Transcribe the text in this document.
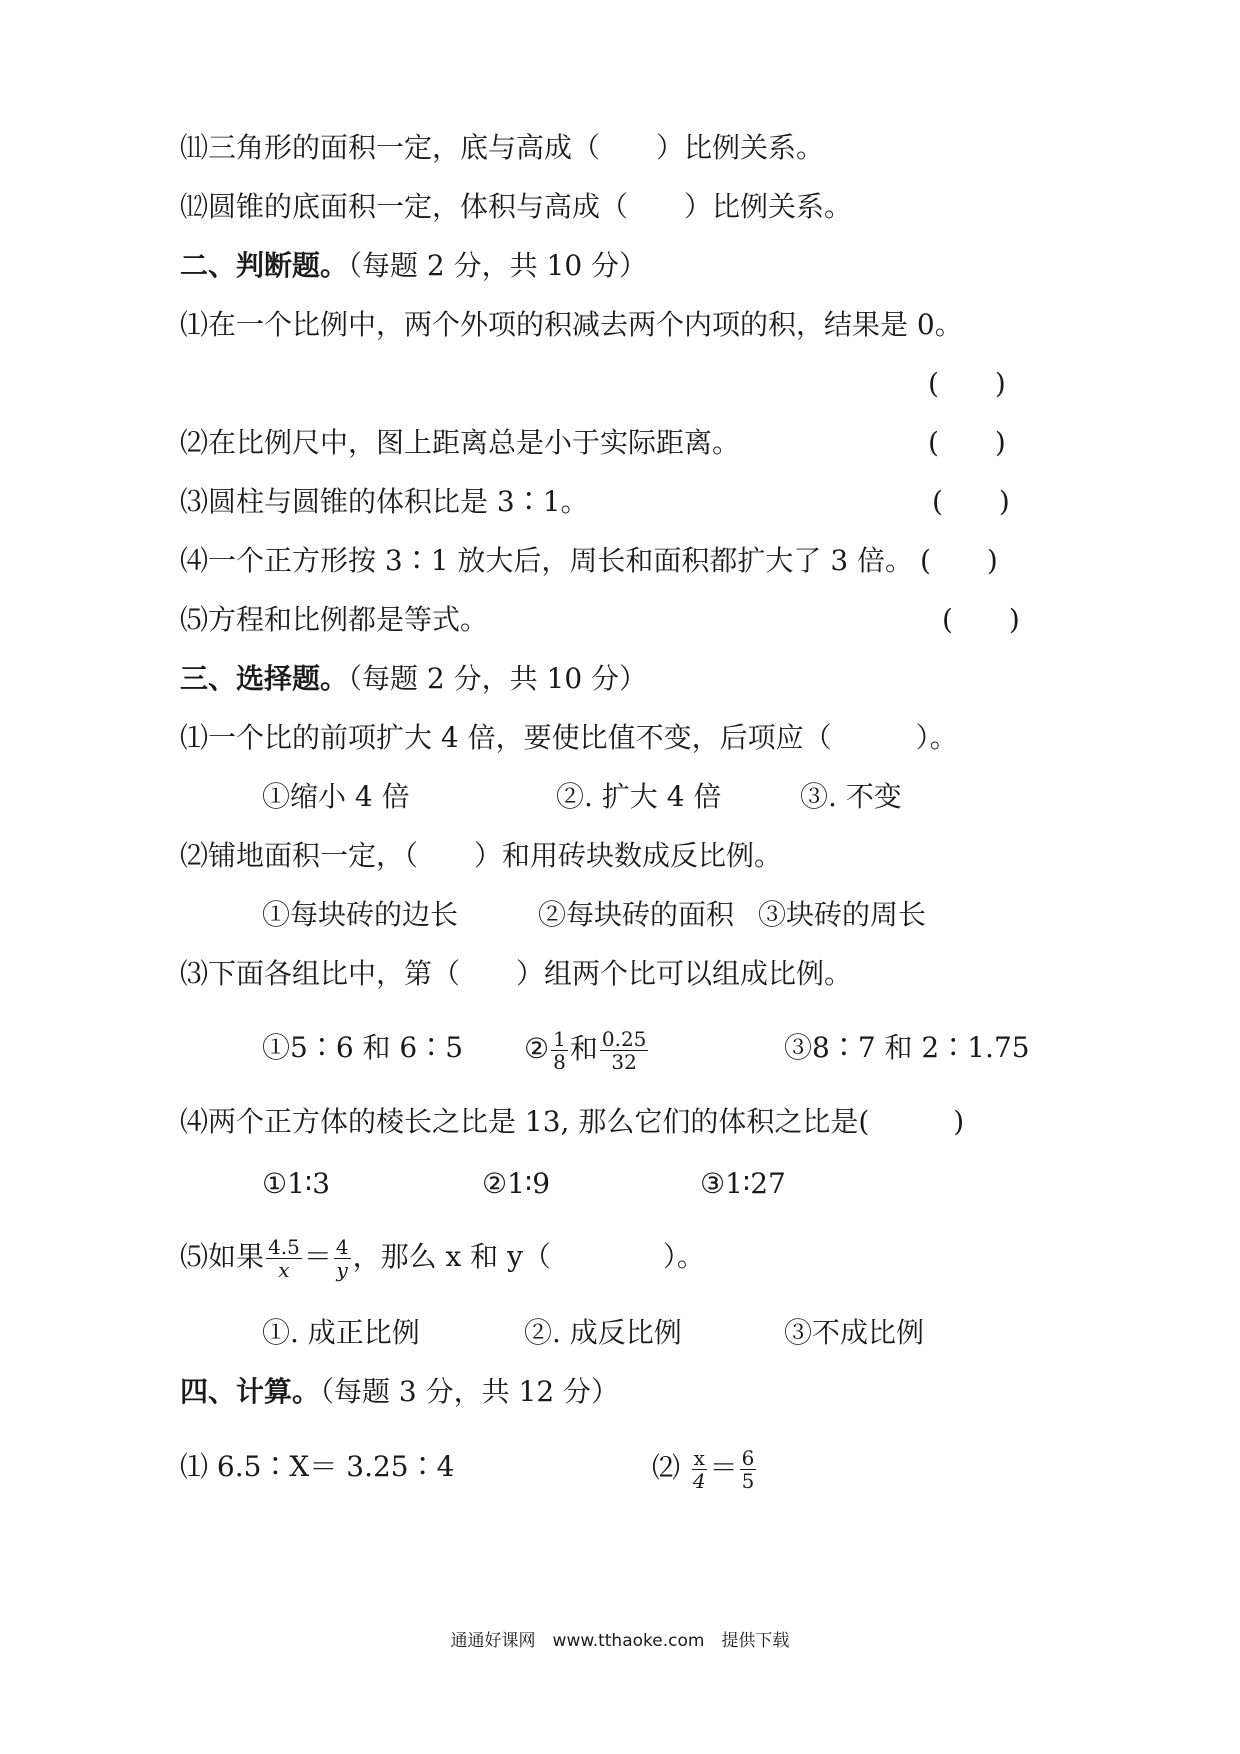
⑾三角形的面积一定，底与高成（　　）比例关系。
⑿圆锥的底面积一定，体积与高成（　　）比例关系。
二、判断题。（每题 2 分，共 10 分）
⑴在一个比例中，两个外项的积减去两个内项的积，结果是 0。
(　　)
⑵在比例尺中，图上距离总是小于实际距离。	(　　)
⑶圆柱与圆锥的体积比是 3∶1。	(　　)
⑷一个正方形按 3∶1 放大后，周长和面积都扩大了 3 倍。 (　　)
⑸方程和比例都是等式。	(　　)
三、选择题。（每题 2 分，共 10 分）
⑴一个比的前项扩大 4 倍，要使比值不变，后项应（　　　）。
①缩小 4 倍	②. 扩大 4 倍	③. 不变
⑵铺地面积一定，（　　）和用砖块数成反比例。
①每块砖的边长	②每块砖的面积 ③块砖的周长
⑶下面各组比中，第（　　）组两个比可以组成比例。
①5∶6 和 6∶5 ② $\frac{1}{8}$ 和 $\frac{0.25}{32}$	③8∶7 和 2∶1.75
⑷两个正方体的棱长之比是 13, 那么它们的体积之比是(　　　)
①1∶3	②1∶9	③1∶27
⑸如果 $\frac{4.5}{x} = \frac{4}{y}$ ，那么 x 和 y（　　　　）。
①. 成正比例	②. 成反比例	③不成比例
四、计算。（每题 3 分，共 12 分）
⑴ 6.5∶X＝ 3.25∶4	⑵ $\frac{x}{4} = \frac{6}{5}$
通通好课网　www.tthaoke.com　提供下载
